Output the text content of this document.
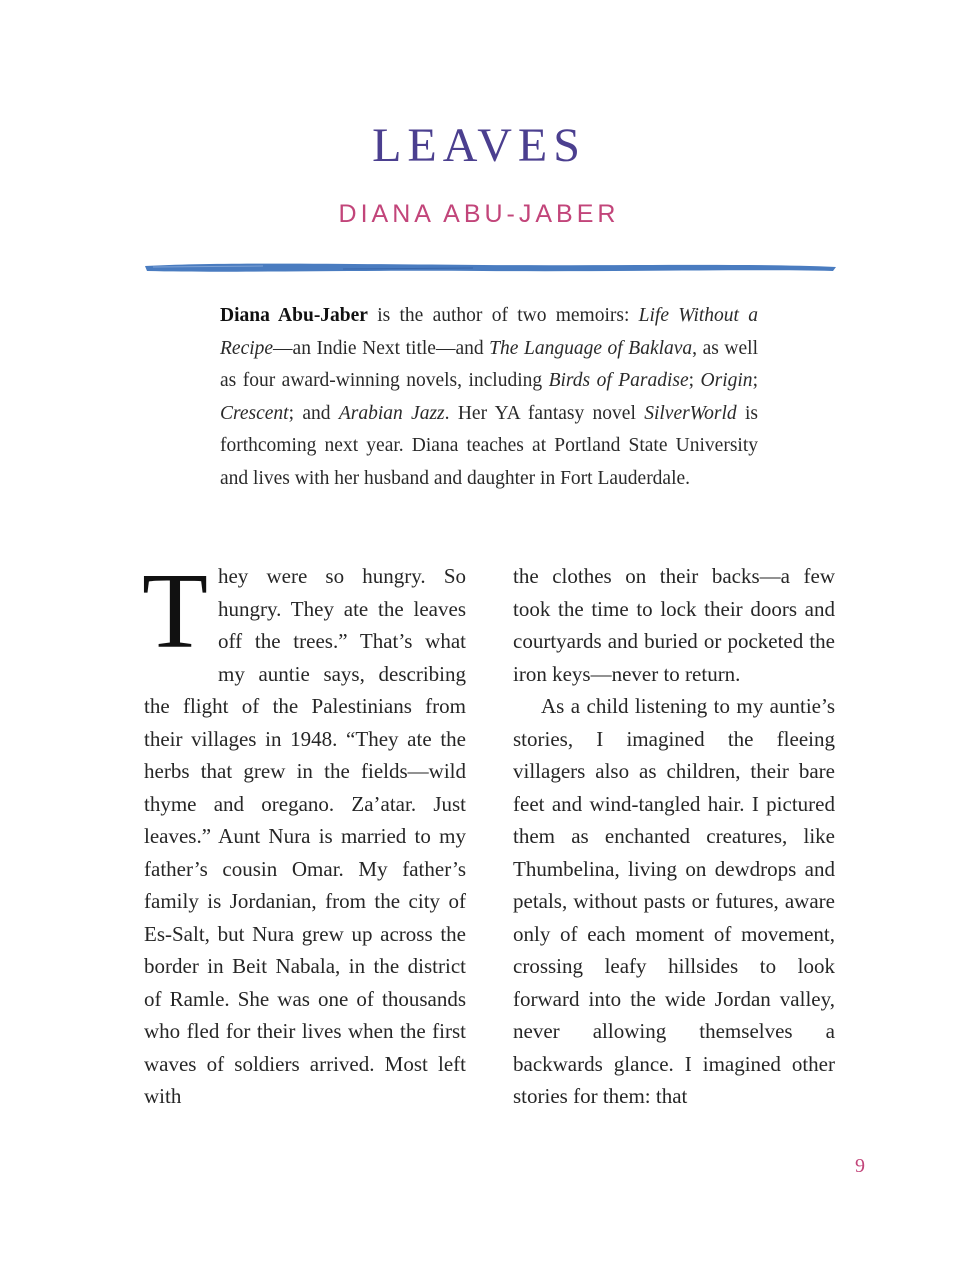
LEAVES
DIANA ABU-JABER

Diana Abu-Jaber is the author of two memoirs: Life Without a Recipe—an Indie Next title—and The Language of Baklava, as well as four award-winning novels, including Birds of Paradise; Origin; Crescent; and Arabian Jazz. Her YA fantasy novel SilverWorld is forthcoming next year. Diana teaches at Portland State University and lives with her husband and daughter in Fort Lauderdale.

They were so hungry. So hungry. They ate the leaves off the trees.” That’s what my auntie says, describing the flight of the Palestinians from their villages in 1948. “They ate the herbs that grew in the fields—wild thyme and oregano. Za’atar. Just leaves.” Aunt Nura is married to my father’s cousin Omar. My father’s family is Jordanian, from the city of Es-Salt, but Nura grew up across the border in Beit Nabala, in the district of Ramle. She was one of thousands who fled for their lives when the first waves of soldiers arrived. Most left with

the clothes on their backs—a few took the time to lock their doors and courtyards and buried or pocketed the iron keys—never to return.
As a child listening to my auntie’s stories, I imagined the fleeing villagers also as children, their bare feet and wind-tangled hair. I pictured them as enchanted creatures, like Thumbelina, living on dewdrops and petals, without pasts or futures, aware only of each moment of movement, crossing leafy hillsides to look forward into the wide Jordan valley, never allowing themselves a backwards glance. I imagined other stories for them: that
9
